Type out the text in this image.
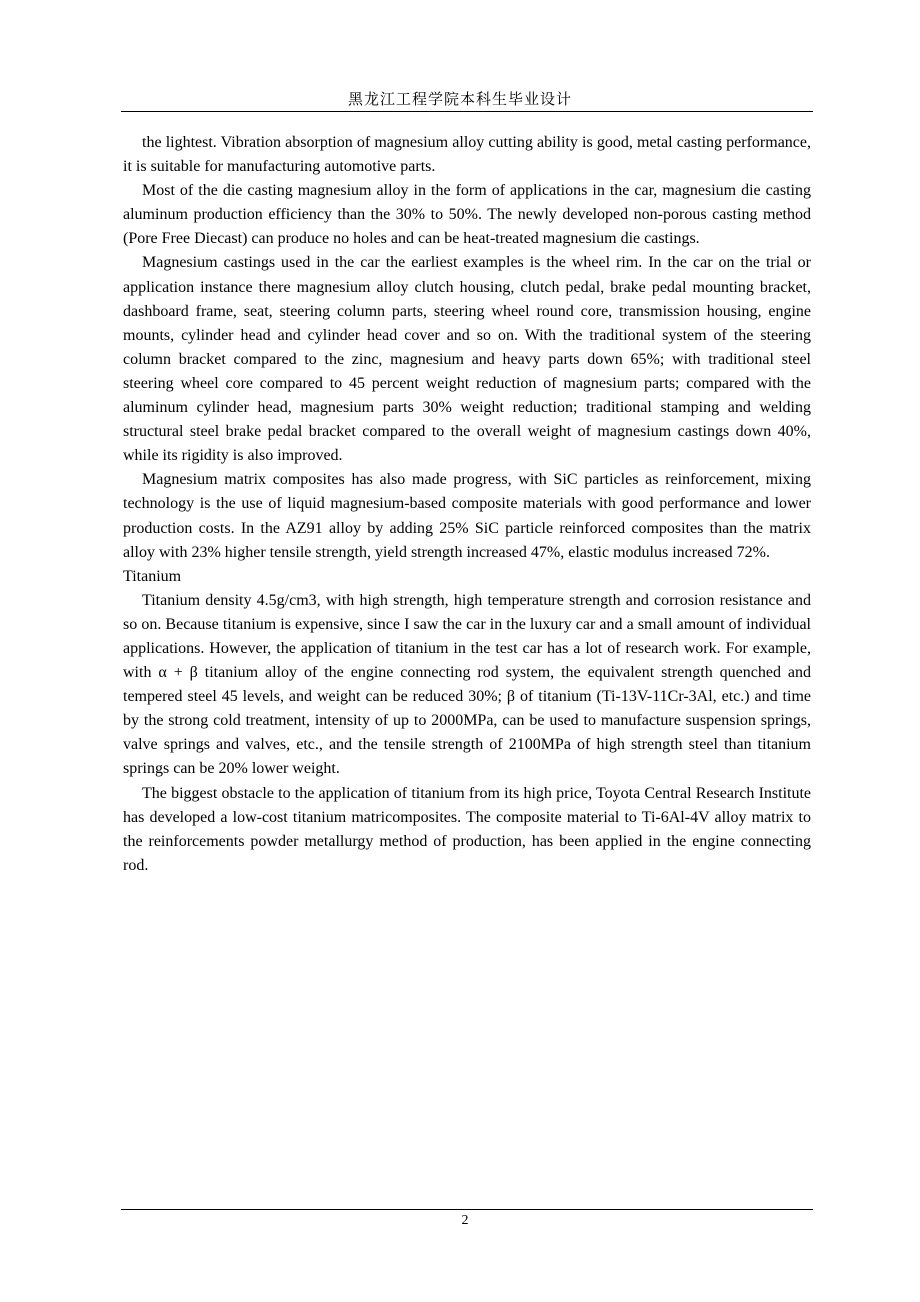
黑龙江工程学院本科生毕业设计

the lightest. Vibration absorption of magnesium alloy cutting ability is good, metal casting performance, it is suitable for manufacturing automotive parts.

Most of the die casting magnesium alloy in the form of applications in the car, magnesium die casting aluminum production efficiency than the 30% to 50%. The newly developed non-porous casting method (Pore Free Diecast) can produce no holes and can be heat-treated magnesium die castings.

Magnesium castings used in the car the earliest examples is the wheel rim. In the car on the trial or application instance there magnesium alloy clutch housing, clutch pedal, brake pedal mounting bracket, dashboard frame, seat, steering column parts, steering wheel round core, transmission housing, engine mounts, cylinder head and cylinder head cover and so on. With the traditional system of the steering column bracket compared to the zinc, magnesium and heavy parts down 65%; with traditional steel steering wheel core compared to 45 percent weight reduction of magnesium parts; compared with the aluminum cylinder head, magnesium parts 30% weight reduction; traditional stamping and welding structural steel brake pedal bracket compared to the overall weight of magnesium castings down 40%, while its rigidity is also improved.

Magnesium matrix composites has also made progress, with SiC particles as reinforcement, mixing technology is the use of liquid magnesium-based composite materials with good performance and lower production costs. In the AZ91 alloy by adding 25% SiC particle reinforced composites than the matrix alloy with 23% higher tensile strength, yield strength increased 47%, elastic modulus increased 72%.

Titanium

Titanium density 4.5g/cm3, with high strength, high temperature strength and corrosion resistance and so on. Because titanium is expensive, since I saw the car in the luxury car and a small amount of individual applications. However, the application of titanium in the test car has a lot of research work. For example, with α + β titanium alloy of the engine connecting rod system, the equivalent strength quenched and tempered steel 45 levels, and weight can be reduced 30%; β of titanium (Ti-13V-11Cr-3Al, etc.) and time by the strong cold treatment, intensity of up to 2000MPa, can be used to manufacture suspension springs, valve springs and valves, etc., and the tensile strength of 2100MPa of high strength steel than titanium springs can be 20% lower weight.

The biggest obstacle to the application of titanium from its high price, Toyota Central Research Institute has developed a low-cost titanium matricomposites. The composite material to Ti-6Al-4V alloy matrix to the reinforcements powder metallurgy method of production, has been applied in the engine connecting rod.

2
